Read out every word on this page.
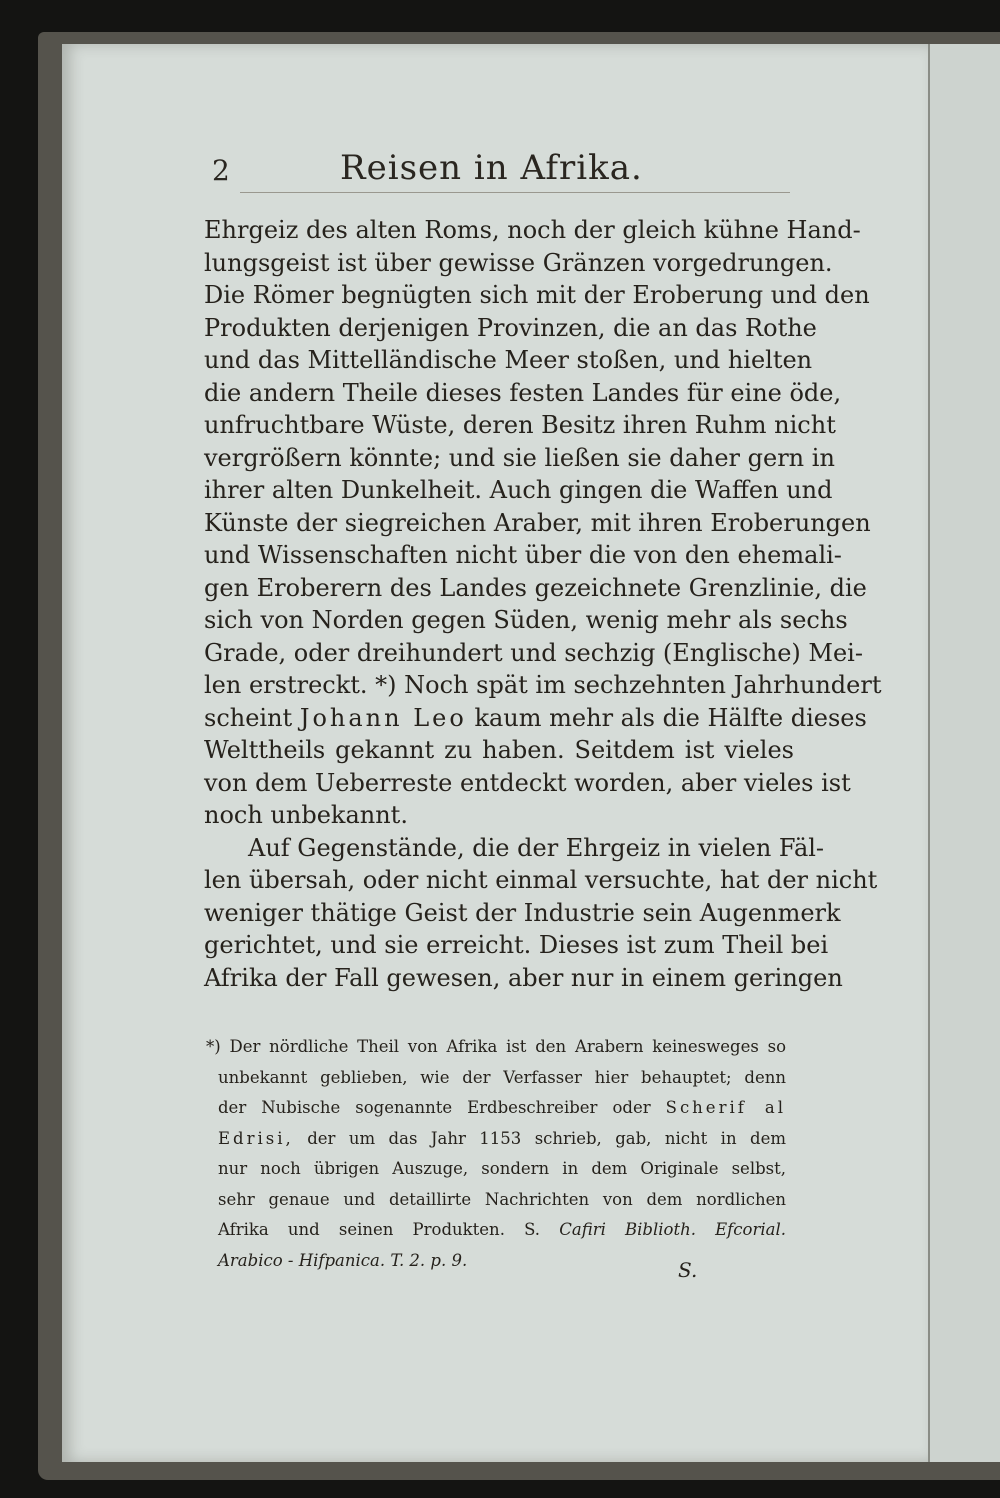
2	Reisen in Afrika.
Ehrgeiz des alten Roms, noch der gleich kühne Hand-
lungsgeist ist über gewisse Gränzen vorgedrungen.
Die Römer begnügten sich mit der Eroberung und den
Produkten derjenigen Provinzen, die an das Rothe
und das Mittelländische Meer stoßen, und hielten
die andern Theile dieses festen Landes für eine öde,
unfruchtbare Wüste, deren Besitz ihren Ruhm nicht
vergrößern könnte; und sie ließen sie daher gern in
ihrer alten Dunkelheit. Auch gingen die Waffen und
Künste der siegreichen Araber, mit ihren Eroberungen
und Wissenschaften nicht über die von den ehemali-
gen Eroberern des Landes gezeichnete Grenzlinie, die
sich von Norden gegen Süden, wenig mehr als sechs
Grade, oder dreihundert und sechzig (Englische) Mei-
len erstreckt. *) Noch spät im sechzehnten Jahrhundert
scheint Johann Leo kaum mehr als die Hälfte dieses
Welttheils gekannt zu haben. Seitdem ist vieles
von dem Ueberreste entdeckt worden, aber vieles ist
noch unbekannt.
Auf Gegenstände, die der Ehrgeiz in vielen Fäl-
len übersah, oder nicht einmal versuchte, hat der nicht
weniger thätige Geist der Industrie sein Augenmerk
gerichtet, und sie erreicht. Dieses ist zum Theil bei
Afrika der Fall gewesen, aber nur in einem geringen
*) Der nördliche Theil von Afrika ist den Arabern keinesweges so
unbekannt geblieben, wie der Verfasser hier behauptet; denn
der Nubische sogenannte Erdbeschreiber oder Scherif al
Edrisi, der um das Jahr 1153 schrieb, gab, nicht in dem
nur noch übrigen Auszuge, sondern in dem Originale selbst,
sehr genaue und detaillirte Nachrichten von dem nordlichen
Afrika und seinen Produkten. S. Cafiri Biblioth. Efcorial.
Arabico - Hifpanica. T. 2. p. 9.	S.
